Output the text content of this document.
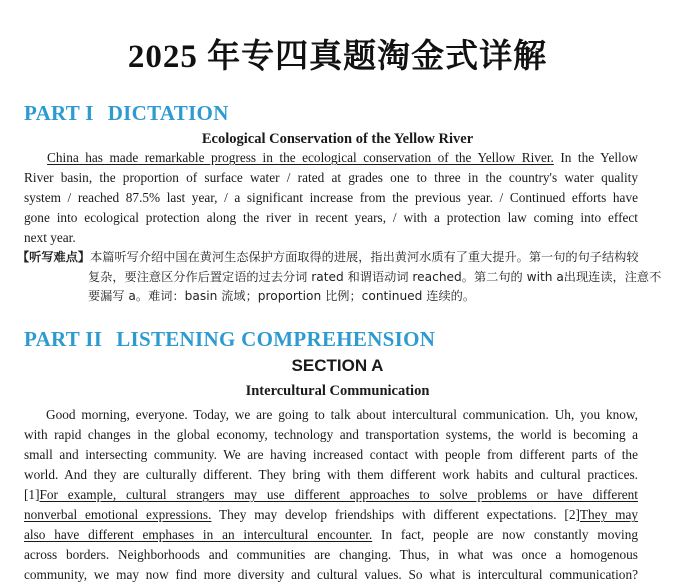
2025 年专四真题淘金式详解
PART I DICTATION
Ecological Conservation of the Yellow River
China has made remarkable progress in the ecological conservation of the Yellow River. In the Yellow
River basin, the proportion of surface water / rated at grades one to three in the country's water quality
system / reached 87.5% last year, / a significant increase from the previous year. / Continued efforts have
gone into ecological protection along the river in recent years, / with a protection law coming into effect
next year.
【听写难点】本篇听写介绍中国在黄河生态保护方面取得的进展，指出黄河水质有了重大提升。第一句的句子结构较
复杂，要注意区分作后置定语的过去分词 rated 和谓语动词 reached。第二句的 with a出现连读，注意不
要漏写 a。难词：basin 流域；proportion 比例；continued 连续的。
PART II LISTENING COMPREHENSION
SECTION A
Intercultural Communication
Good morning, everyone. Today, we are going to talk about intercultural communication. Uh, you know,
with rapid changes in the global economy, technology and transportation systems, the world is becoming a
small and intersecting community. We are having increased contact with people from different parts of the
world. And they are culturally different. They bring with them different work habits and cultural practices.
[1]For example, cultural strangers may use different approaches to solve problems or have different
nonverbal emotional expressions. They may develop friendships with different expectations. [2]They may
also have different emphases in an intercultural encounter. In fact, people are now constantly moving
across borders. Neighborhoods and communities are changing. Thus, in what was once a homogenous
community, we may now find more diversity and cultural values. So what is intercultural communication?
